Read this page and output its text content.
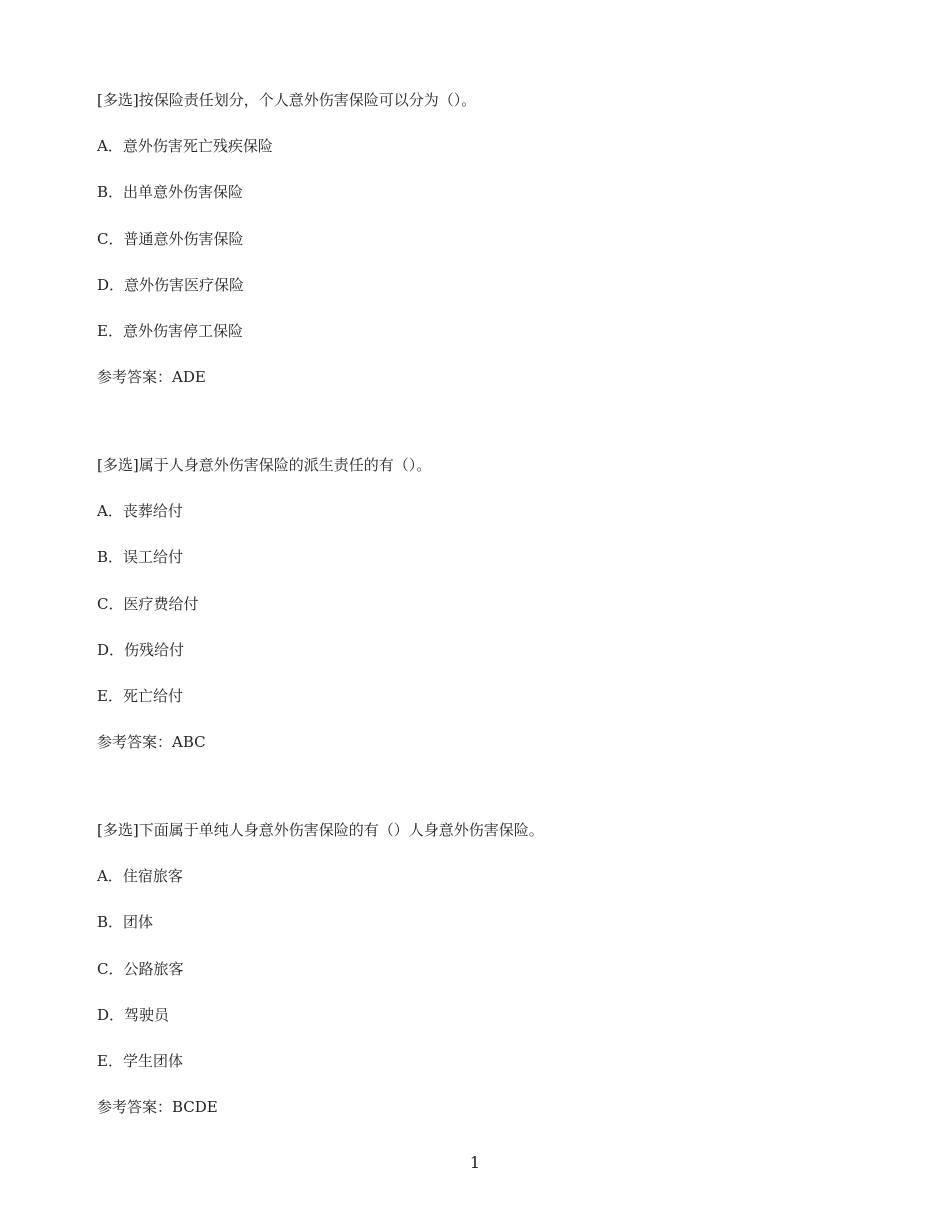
[多选]按保险责任划分，个人意外伤害保险可以分为（）。

A．意外伤害死亡残疾保险

B．出单意外伤害保险

C．普通意外伤害保险

D．意外伤害医疗保险

E．意外伤害停工保险

参考答案：ADE

[多选]属于人身意外伤害保险的派生责任的有（）。

A．丧葬给付

B．误工给付

C．医疗费给付

D．伤残给付

E．死亡给付

参考答案：ABC

[多选]下面属于单纯人身意外伤害保险的有（）人身意外伤害保险。

A．住宿旅客

B．团体

C．公路旅客

D．驾驶员

E．学生团体

参考答案：BCDE

1
